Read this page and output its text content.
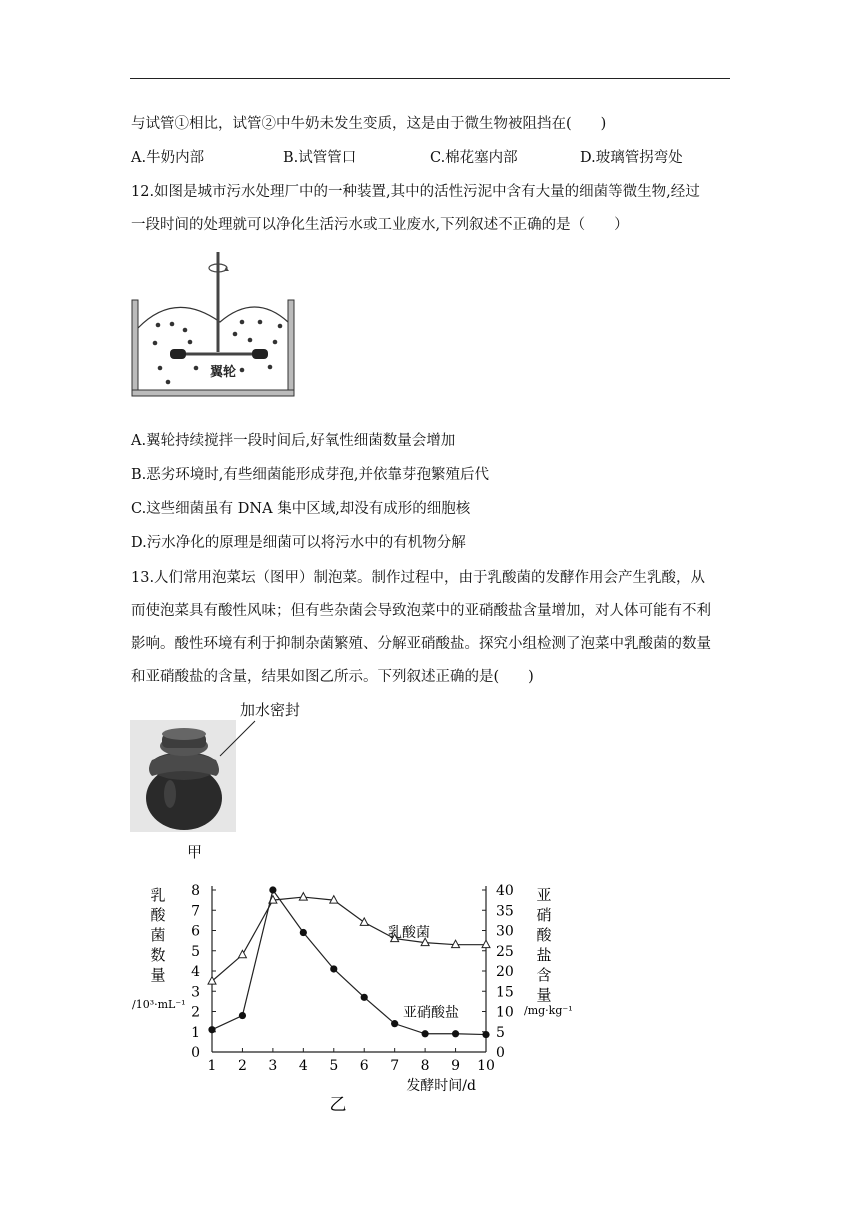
与试管①相比，试管②中牛奶未发生变质，这是由于微生物被阻挡在(　　)
A.牛奶内部	B.试管管口	C.棉花塞内部	D.玻璃管拐弯处
12.如图是城市污水处理厂中的一种装置,其中的活性污泥中含有大量的细菌等微生物,经过
一段时间的处理就可以净化生活污水或工业废水,下列叙述不正确的是（　　）
翼轮
A.翼轮持续搅拌一段时间后,好氧性细菌数量会增加
B.恶劣环境时,有些细菌能形成芽孢,并依靠芽孢繁殖后代
C.这些细菌虽有 DNA 集中区域,却没有成形的细胞核
D.污水净化的原理是细菌可以将污水中的有机物分解
13.人们常用泡菜坛（图甲）制泡菜。制作过程中，由于乳酸菌的发酵作用会产生乳酸，从
而使泡菜具有酸性风味；但有些杂菌会导致泡菜中的亚硝酸盐含量增加，对人体可能有不利
影响。酸性环境有利于抑制杂菌繁殖、分解亚硝酸盐。探究小组检测了泡菜中乳酸菌的数量
和亚硝酸盐的含量，结果如图乙所示。下列叙述正确的是(　　)
加水密封
甲
0
1
2
3
4
5
6
7
8
0
5
10
15
20
25
30
35
40
1 2 3 4 5 6 7 8 9 10
发酵时间/d
乳
酸
菌
数
量
/10³·mL⁻¹
亚
硝
酸
盐
含
量
/mg·kg⁻¹
乳酸菌
亚硝酸盐
乙
